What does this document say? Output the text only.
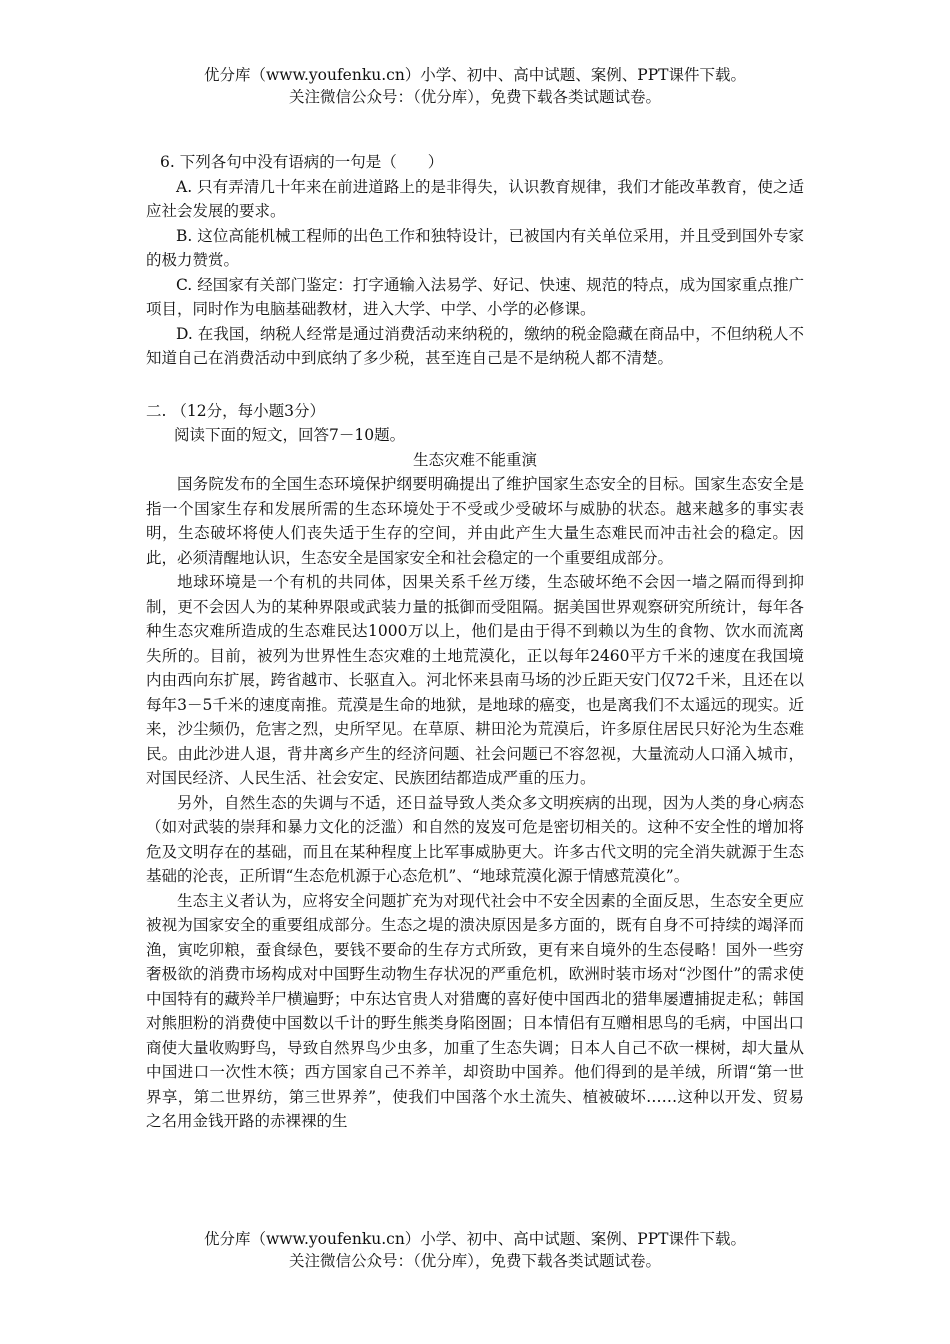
优分库（www.youfenku.cn）小学、初中、高中试题、案例、PPT课件下载。
关注微信公众号：（优分库），免费下载各类试题试卷。

6. 下列各句中没有语病的一句是（　　）

A. 只有弄清几十年来在前进道路上的是非得失，认识教育规律，我们才能改革教育，使之适应社会发展的要求。

B. 这位高能机械工程师的出色工作和独特设计，已被国内有关单位采用，并且受到国外专家的极力赞赏。

C. 经国家有关部门鉴定：打字通输入法易学、好记、快速、规范的特点，成为国家重点推广项目，同时作为电脑基础教材，进入大学、中学、小学的必修课。

D. 在我国，纳税人经常是通过消费活动来纳税的，缴纳的税金隐藏在商品中，不但纳税人不知道自己在消费活动中到底纳了多少税，甚至连自己是不是纳税人都不清楚。

二. （12分，每小题3分）

阅读下面的短文，回答7－10题。

生态灾难不能重演

国务院发布的全国生态环境保护纲要明确提出了维护国家生态安全的目标。国家生态安全是指一个国家生存和发展所需的生态环境处于不受或少受破坏与威胁的状态。越来越多的事实表明，生态破坏将使人们丧失适于生存的空间，并由此产生大量生态难民而冲击社会的稳定。因此，必须清醒地认识，生态安全是国家安全和社会稳定的一个重要组成部分。

地球环境是一个有机的共同体，因果关系千丝万缕，生态破坏绝不会因一墙之隔而得到抑制，更不会因人为的某种界限或武装力量的抵御而受阻隔。据美国世界观察研究所统计，每年各种生态灾难所造成的生态难民达1000万以上，他们是由于得不到赖以为生的食物、饮水而流离失所的。目前，被列为世界性生态灾难的土地荒漠化，正以每年2460平方千米的速度在我国境内由西向东扩展，跨省越市、长驱直入。河北怀来县南马场的沙丘距天安门仅72千米，且还在以每年3－5千米的速度南推。荒漠是生命的地狱，是地球的癌变，也是离我们不太遥远的现实。近来，沙尘频仍，危害之烈，史所罕见。在草原、耕田沦为荒漠后，许多原住居民只好沦为生态难民。由此沙进人退，背井离乡产生的经济问题、社会问题已不容忽视，大量流动人口涌入城市，对国民经济、人民生活、社会安定、民族团结都造成严重的压力。

另外，自然生态的失调与不适，还日益导致人类众多文明疾病的出现，因为人类的身心病态（如对武装的崇拜和暴力文化的泛滥）和自然的岌岌可危是密切相关的。这种不安全性的增加将危及文明存在的基础，而且在某种程度上比军事威胁更大。许多古代文明的完全消失就源于生态基础的沦丧，正所谓“生态危机源于心态危机”、“地球荒漠化源于情感荒漠化”。

生态主义者认为，应将安全问题扩充为对现代社会中不安全因素的全面反思，生态安全更应被视为国家安全的重要组成部分。生态之堤的溃决原因是多方面的，既有自身不可持续的竭泽而渔，寅吃卯粮，蚕食绿色，要钱不要命的生存方式所致，更有来自境外的生态侵略！国外一些穷奢极欲的消费市场构成对中国野生动物生存状况的严重危机，欧洲时装市场对“沙图什”的需求使中国特有的藏羚羊尸横遍野；中东达官贵人对猎鹰的喜好使中国西北的猎隼屡遭捕捉走私；韩国对熊胆粉的消费使中国数以千计的野生熊类身陷囹圄；日本情侣有互赠相思鸟的毛病，中国出口商使大量收购野鸟，导致自然界鸟少虫多，加重了生态失调；日本人自己不砍一棵树，却大量从中国进口一次性木筷；西方国家自己不养羊，却资助中国养。他们得到的是羊绒，所谓“第一世界享，第二世界纺，第三世界养”，使我们中国落个水土流失、植被破坏……这种以开发、贸易之名用金钱开路的赤裸裸的生

优分库（www.youfenku.cn）小学、初中、高中试题、案例、PPT课件下载。
关注微信公众号：（优分库），免费下载各类试题试卷。
